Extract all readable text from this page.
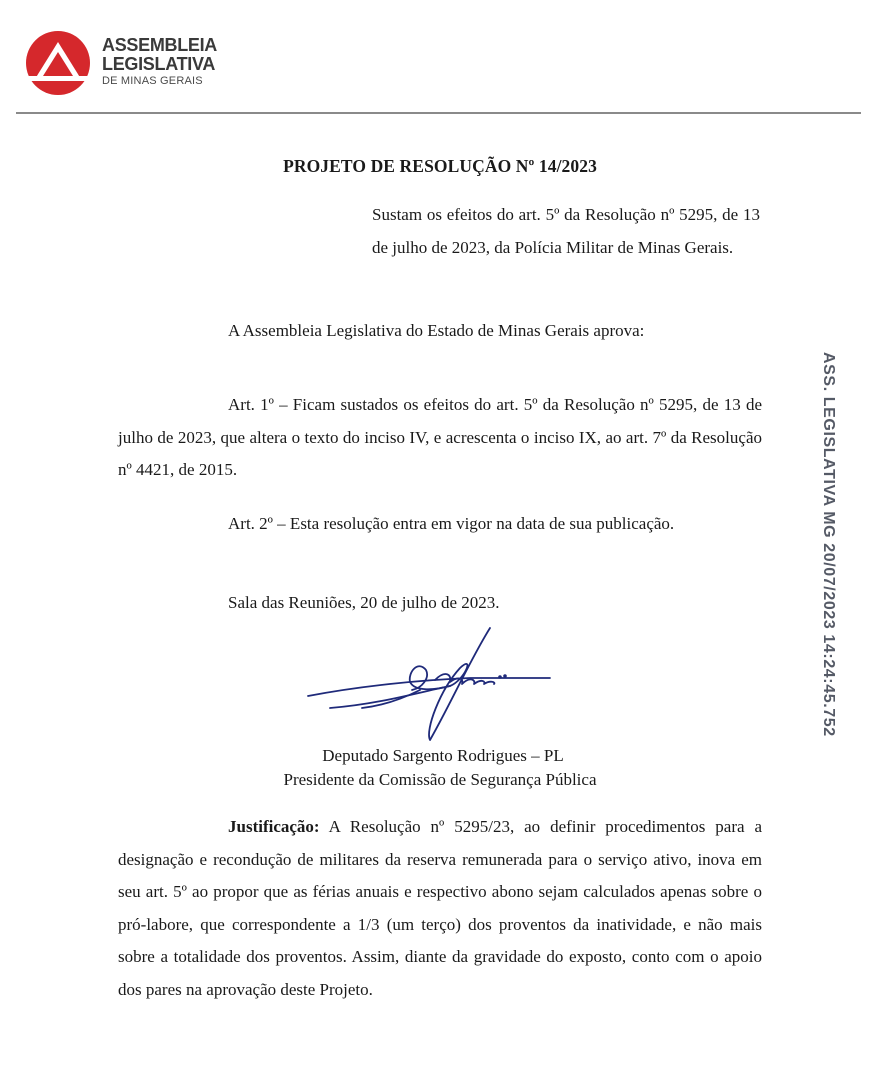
ASSEMBLEIA
LEGISLATIVA
DE MINAS GERAIS
PROJETO DE RESOLUÇÃO Nº 14/2023
Sustam os efeitos do art. 5º da Resolução nº 5295, de 13 de julho de 2023, da Polícia Militar de Minas Gerais.

A Assembleia Legislativa do Estado de Minas Gerais aprova:

Art. 1º – Ficam sustados os efeitos do art. 5º da Resolução nº 5295, de 13 de julho de 2023, que altera o texto do inciso IV, e acrescenta o inciso IX, ao art. 7º da Resolução nº 4421, de 2015.

Art. 2º – Esta resolução entra em vigor na data de sua publicação.

Sala das Reuniões, 20 de julho de 2023.

Deputado Sargento Rodrigues – PL
Presidente da Comissão de Segurança Pública

Justificação: A Resolução nº 5295/23, ao definir procedimentos para a designação e recondução de militares da reserva remunerada para o serviço ativo, inova em seu art. 5º ao propor que as férias anuais e respectivo abono sejam calculados apenas sobre o pró-labore, que correspondente a 1/3 (um terço) dos proventos da inatividade, e não mais sobre a totalidade dos proventos. Assim, diante da gravidade do exposto, conto com o apoio dos pares na aprovação deste Projeto.

ASS. LEGISLATIVA MG 20/07/2023 14:24:45.752
